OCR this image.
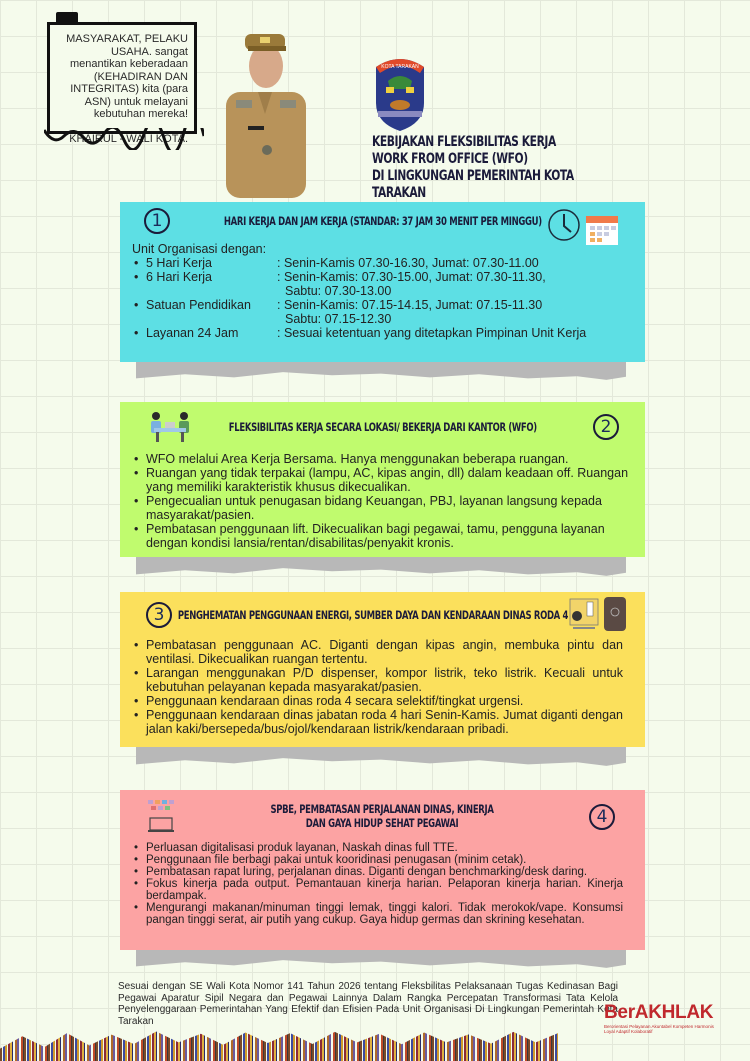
MASYARAKAT, PELAKU USAHA. sangat menantikan keberadaan (KEHADIRAN DAN INTEGRITAS) kita (para ASN) untuk melayani kebutuhan mereka!
KHAIRUL - WALI KOTA.
KOTA TARAKAN
KEBIJAKAN FLEKSIBILITAS KERJA
WORK FROM OFFICE (WFO)
DI LINGKUNGAN PEMERINTAH KOTA TARAKAN
1	HARI KERJA DAN JAM KERJA (STANDAR: 37 JAM 30 MENIT PER MINGGU)
Unit Organisasi dengan:
• 5 Hari Kerja	: Senin-Kamis 07.30-16.30, Jumat: 07.30-11.00
• 6 Hari Kerja	: Senin-Kamis: 07.30-15.00, Jumat: 07.30-11.30,
Sabtu: 07.30-13.00
• Satuan Pendidikan	: Senin-Kamis: 07.15-14.15, Jumat: 07.15-11.30
Sabtu: 07.15-12.30
• Layanan 24 Jam	: Sesuai ketentuan yang ditetapkan Pimpinan Unit Kerja
FLEKSIBILITAS KERJA SECARA LOKASI/ BEKERJA DARI KANTOR (WFO)	2
• WFO melalui Area Kerja Bersama. Hanya menggunakan beberapa ruangan.
• Ruangan yang tidak terpakai (lampu, AC, kipas angin, dll) dalam keadaan off. Ruangan yang memiliki karakteristik khusus dikecualikan.
• Pengecualian untuk penugasan bidang Keuangan, PBJ, layanan langsung kepada masyarakat/pasien.
• Pembatasan penggunaan lift. Dikecualikan bagi pegawai, tamu, pengguna layanan dengan kondisi lansia/rentan/disabilitas/penyakit kronis.
3	PENGHEMATAN PENGGUNAAN ENERGI, SUMBER DAYA DAN KENDARAAN DINAS RODA 4
• Pembatasan penggunaan AC. Diganti dengan kipas angin, membuka pintu dan ventilasi. Dikecualikan ruangan tertentu.
• Larangan menggunakan P/D dispenser, kompor listrik, teko listrik. Kecuali untuk kebutuhan pelayanan kepada masyarakat/pasien.
• Penggunaan kendaraan dinas roda 4 secara selektif/tingkat urgensi.
• Penggunaan kendaraan dinas jabatan roda 4 hari Senin-Kamis. Jumat diganti dengan jalan kaki/bersepeda/bus/ojol/kendaraan listrik/kendaraan pribadi.
SPBE, PEMBATASAN PERJALANAN DINAS, KINERJA
DAN GAYA HIDUP SEHAT PEGAWAI	4
• Perluasan digitalisasi produk layanan, Naskah dinas full TTE.
• Penggunaan file berbagi pakai untuk kooridinasi penugasan (minim cetak).
• Pembatasan rapat luring, perjalanan dinas. Diganti dengan benchmarking/desk daring.
• Fokus kinerja pada output. Pemantauan kinerja harian. Pelaporan kinerja harian. Kinerja berdampak.
• Mengurangi makanan/minuman tinggi lemak, tinggi kalori. Tidak merokok/vape. Konsumsi pangan tinggi serat, air putih yang cukup. Gaya hidup germas dan skrining kesehatan.
Sesuai dengan SE Wali Kota Nomor 141 Tahun 2026 tentang Fleksbilitas Pelaksanaan Tugas Kedinasan Bagi Pegawai Aparatur Sipil Negara dan Pegawai Lainnya Dalam Rangka Percepatan Transformasi Tata Kelola Penyelenggaraan Pemerintahan Yang Efektif dan Efisien Pada Unit Organisasi Di Lingkungan Pemerintah Kota Tarakan	BerAKHLAK
Berorientasi Pelayanan Akuntabel Kompeten Harmonis Loyal Adaptif Kolaboratif
